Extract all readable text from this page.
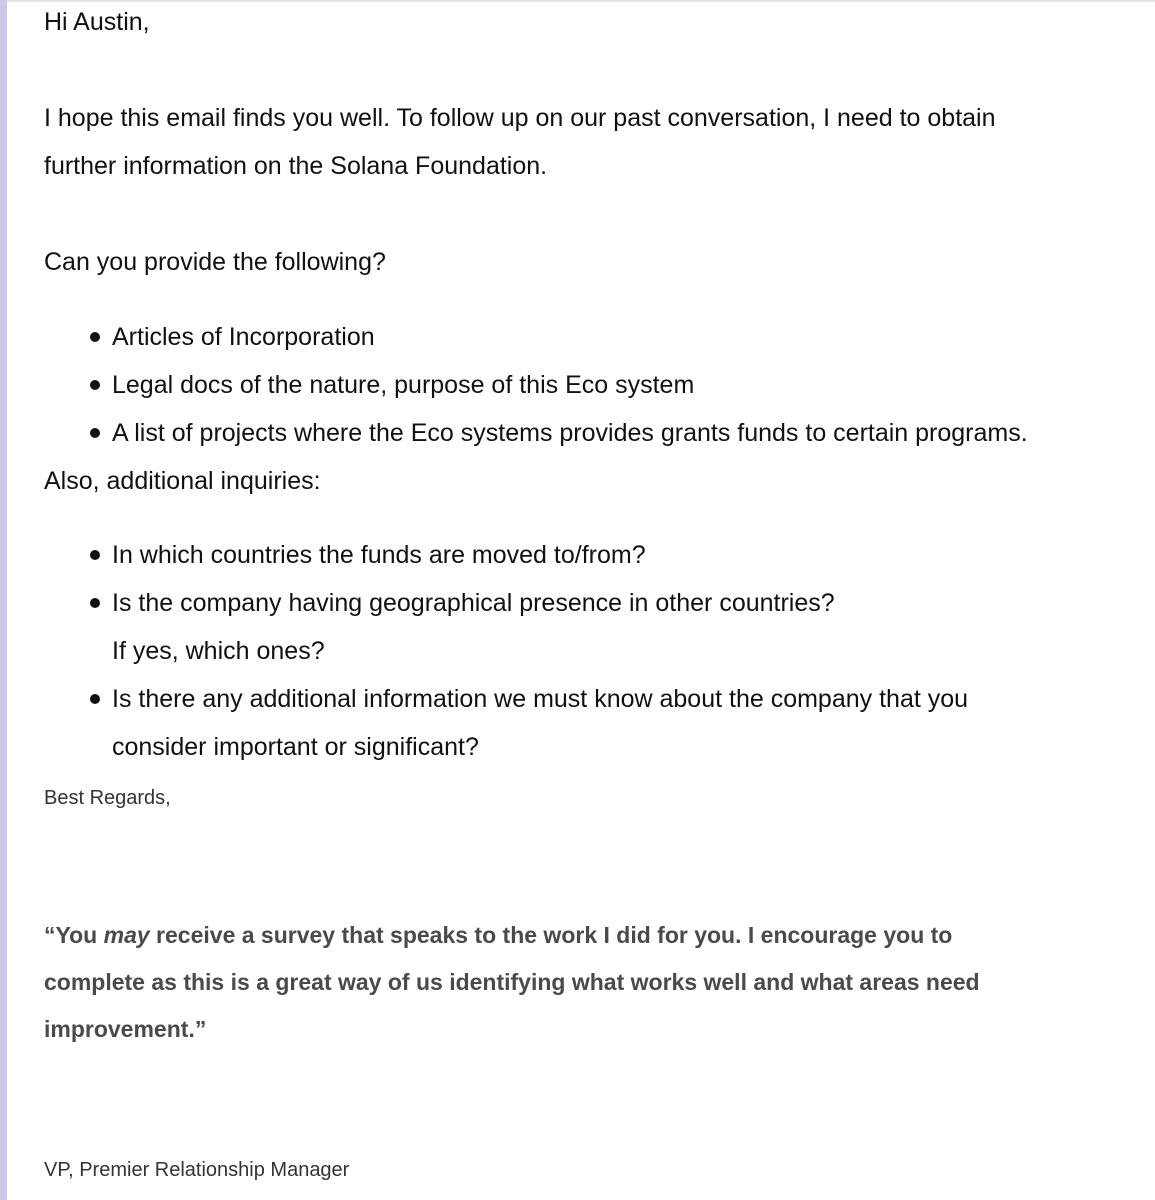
Hi Austin,
I hope this email finds you well. To follow up on our past conversation, I need to obtain
further information on the Solana Foundation.
Can you provide the following?
Articles of Incorporation
Legal docs of the nature, purpose of this Eco system
A list of projects where the Eco systems provides grants funds to certain programs.
Also, additional inquiries:
In which countries the funds are moved to/from?
Is the company having geographical presence in other countries?
If yes, which ones?
Is there any additional information we must know about the company that you
consider important or significant?
Best Regards,
“You may receive a survey that speaks to the work I did for you. I encourage you to
complete as this is a great way of us identifying what works well and what areas need
improvement.”
VP, Premier Relationship Manager
